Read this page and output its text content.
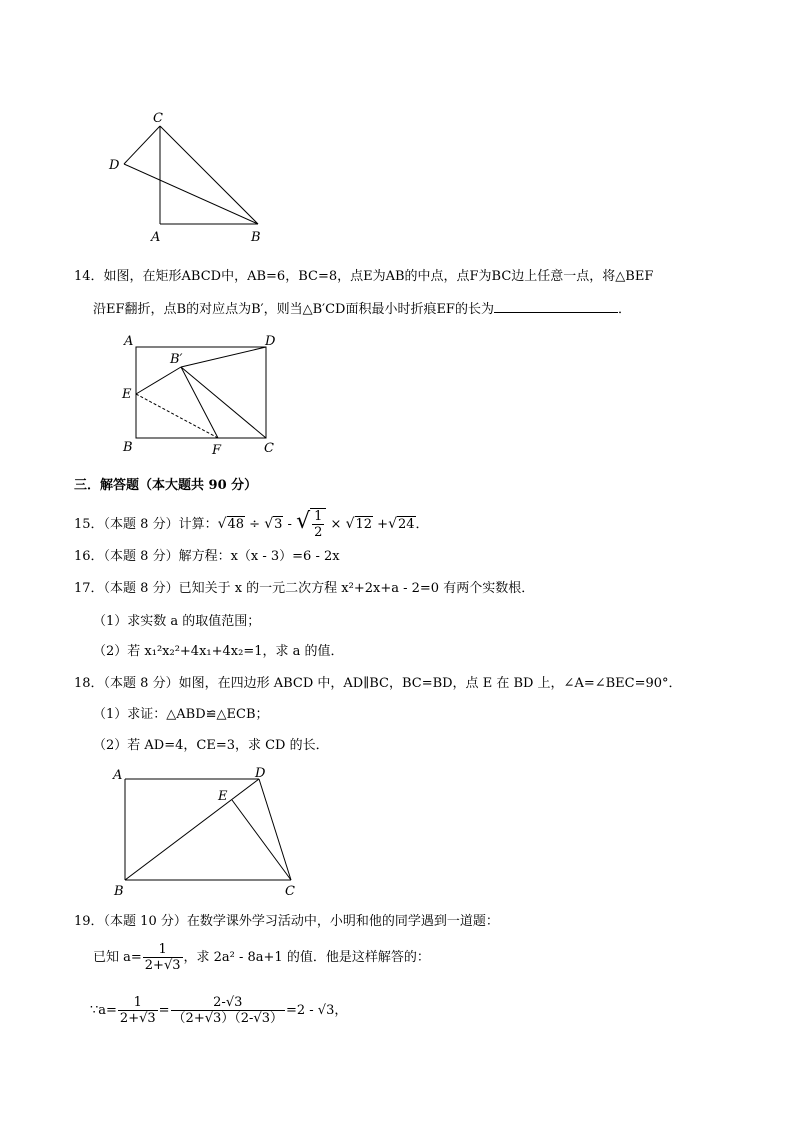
C
D
A	B
14．如图，在矩形ABCD中，AB=6，BC=8，点E为AB的中点，点F为BC边上任意一点，将△BEF
沿EF翻折，点B的对应点为B′，则当△B′CD面积最小时折痕EF的长为	．
A
B′
D
E
B	F	C
三．解答题（本大题共 90 分）
15．（本题 8 分）计算：√48 ÷ √3 - √ $\frac{1}{2} \times √12 +√24$．
16．（本题 8 分）解方程：x（x - 3）=6 - 2x
17．（本题 8 分）已知关于 x 的一元二次方程 x²+2x+a - 2=0 有两个实数根．
（1）求实数 a 的取值范围；
（2）若 x₁²x₂²+4x₁+4x₂=1，求 a 的值．
18．（本题 8 分）如图，在四边形 ABCD 中，AD∥BC，BC=BD，点 E 在 BD 上，∠A=∠BEC=90°．
（1）求证：△ABD≌△ECB；
（2）若 AD=4，CE=3，求 CD 的长．
A	D
E
B	C
19．（本题 10 分）在数学课外学习活动中，小明和他的同学遇到一道题：
已知 $a= \frac{1}{2+√3}$ ，求 2a² - 8a+1 的值．他是这样解答的：
∵a= $\frac{1}{2+√3} = \frac{2-√3}{(2+√3)(2-√3)} =2 - √3$，
